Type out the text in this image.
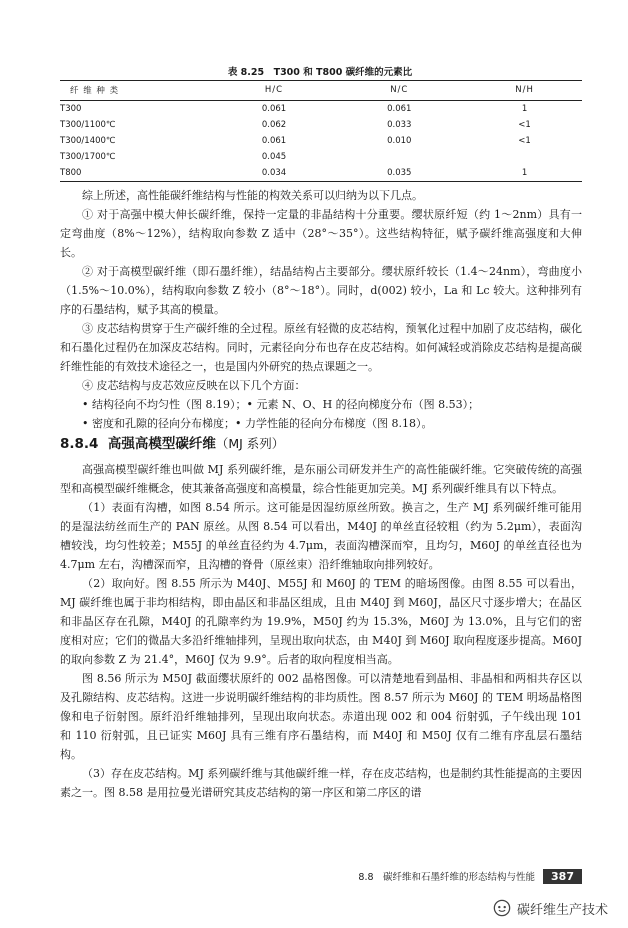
表 8.25　T300 和 T800 碳纤维的元素比
纤 维 种 类	H/C	N/C	N/H
T300	0.061	0.061	1
T300/1100℃	0.062	0.033	<1
T300/1400℃	0.061	0.010	<1
T300/1700℃	0.045		
T800	0.034	0.035	1

综上所述，高性能碳纤维结构与性能的构效关系可以归纳为以下几点。

① 对于高强中模大伸长碳纤维，保持一定量的非晶结构十分重要。缨状原纤短（约 1～2nm）具有一定弯曲度（8%～12%），结构取向参数 Z 适中（28°～35°）。这些结构特征，赋予碳纤维高强度和大伸长。

② 对于高模型碳纤维（即石墨纤维），结晶结构占主要部分。缨状原纤较长（1.4～24nm），弯曲度小（1.5%～10.0%），结构取向参数 Z 较小（8°～18°）。同时，d(002) 较小，La 和 Lc 较大。这种排列有序的石墨结构，赋予其高的模量。

③ 皮芯结构贯穿于生产碳纤维的全过程。原丝有轻微的皮芯结构，预氧化过程中加剧了皮芯结构，碳化和石墨化过程仍在加深皮芯结构。同时，元素径向分布也存在皮芯结构。如何减轻或消除皮芯结构是提高碳纤维性能的有效技术途径之一，也是国内外研究的热点课题之一。

④ 皮芯结构与皮芯效应反映在以下几个方面：

• 结构径向不均匀性（图 8.19）；• 元素 N、O、H 的径向梯度分布（图 8.53）；
• 密度和孔隙的径向分布梯度；• 力学性能的径向分布梯度（图 8.18）。
8.8.4 高强高模型碳纤维（MJ 系列）

高强高模型碳纤维也叫做 MJ 系列碳纤维，是东丽公司研发并生产的高性能碳纤维。它突破传统的高强型和高模型碳纤维概念，使其兼备高强度和高模量，综合性能更加完美。MJ 系列碳纤维具有以下特点。

（1）表面有沟槽，如图 8.54 所示。这可能是因湿纺原丝所致。换言之，生产 MJ 系列碳纤维可能用的是湿法纺丝而生产的 PAN 原丝。从图 8.54 可以看出，M40J 的单丝直径较粗（约为 5.2μm），表面沟槽较浅，均匀性较差；M55J 的单丝直径约为 4.7μm，表面沟槽深而窄，且均匀，M60J 的单丝直径也为 4.7μm 左右，沟槽深而窄，且沟槽的脊骨（原丝束）沿纤维轴取向排列较好。

（2）取向好。图 8.55 所示为 M40J、M55J 和 M60J 的 TEM 的暗场图像。由图 8.55 可以看出，MJ 碳纤维也属于非均相结构，即由晶区和非晶区组成，且由 M40J 到 M60J，晶区尺寸逐步增大；在晶区和非晶区存在孔隙，M40J 的孔隙率约为 19.9%，M50J 约为 15.3%，M60J 为 13.0%，且与它们的密度相对应；它们的微晶大多沿纤维轴排列，呈现出取向状态，由 M40J 到 M60J 取向程度逐步提高。M60J 的取向参数 Z 为 21.4°，M60J 仅为 9.9°。后者的取向程度相当高。

图 8.56 所示为 M50J 截面缨状原纤的 002 晶格图像。可以清楚地看到晶相、非晶相和两相共存区以及孔隙结构、皮芯结构。这进一步说明碳纤维结构的非均质性。图 8.57 所示为 M60J 的 TEM 明场晶格图像和电子衍射图。原纤沿纤维轴排列，呈现出取向状态。赤道出现 002 和 004 衍射弧，子午线出现 101 和 110 衍射弧，且已证实 M60J 具有三维有序石墨结构，而 M40J 和 M50J 仅有二维有序乱层石墨结构。

（3）存在皮芯结构。MJ 系列碳纤维与其他碳纤维一样，存在皮芯结构，也是制约其性能提高的主要因素之一。图 8.58 是用拉曼光谱研究其皮芯结构的第一序区和第二序区的谱

8.8　碳纤维和石墨纤维的形态结构与性能	387
碳纤维生产技术
